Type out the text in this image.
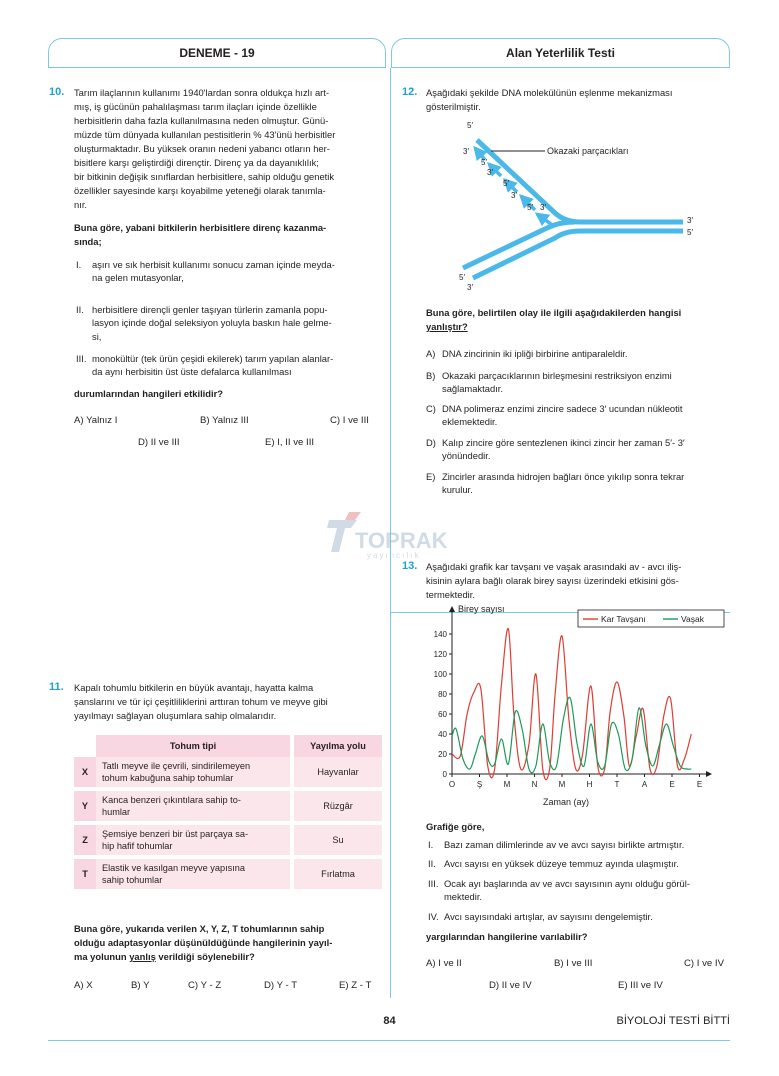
DENEME - 19	Alan Yeterlilik Testi
TOPRAK
yayıncılık
10. Tarım ilaçlarının kullanımı 1940'lardan sonra oldukça hızlı art-
mış, iş gücünün pahalılaşması tarım ilaçları içinde özellikle
herbisitlerin daha fazla kullanılmasına neden olmuştur. Günü-
müzde tüm dünyada kullanılan pestisitlerin % 43'ünü herbisitler
oluşturmaktadır. Bu yüksek oranın nedeni yabancı otların her-
bisitlere karşı geliştirdiği dirençtir. Direnç ya da dayanıklılık;
bir bitkinin değişik sınıflardan herbisitlere, sahip olduğu genetik
özellikler sayesinde karşı koyabilme yeteneği olarak tanımla-
nır.
Buna göre, yabani bitkilerin herbisitlere direnç kazanma-
sında;
I. aşırı ve sık herbisit kullanımı sonucu zaman içinde meyda-
na gelen mutasyonlar,
II. herbisitlere dirençli genler taşıyan türlerin zamanla popu-
lasyon içinde doğal seleksiyon yoluyla baskın hale gelme-
si,
III. monokültür (tek ürün çeşidi ekilerek) tarım yapılan alanlar-
da aynı herbisitin üst üste defalarca kullanılması
durumlarından hangileri etkilidir?
A) Yalnız I	B) Yalnız III	C) I ve III
D) II ve III	E) I, II ve III
11. Kapalı tohumlu bitkilerin en büyük avantajı, hayatta kalma
şanslarını ve tür içi çeşitliliklerini arttıran tohum ve meyve gibi
yayılmayı sağlayan oluşumlara sahip olmalarıdır.
	Tohum tipi	Yayılma yolu
X	Tatlı meyve ile çevrili, sindirilemeyen
tohum kabuğuna sahip tohumlar	Hayvanlar
Y	Kanca benzeri çıkıntılara sahip to-
humlar	Rüzgâr
Z	Şemsiye benzeri bir üst parçaya sa-
hip hafif tohumlar	Su
T	Elastik ve kasılgan meyve yapısına
sahip tohumlar	Fırlatma
Buna göre, yukarıda verilen X, Y, Z, T tohumlarının sahip
olduğu adaptasyonlar düşünüldüğünde hangilerinin yayıl-
ma yolunun yanlış verildiği söylenebilir?
A) X	B) Y	C) Y - Z	D) Y - T	E) Z - T
12. Aşağıdaki şekilde DNA molekülünün eşlenme mekanizması
gösterilmiştir.
Okazaki parçacıkları
5′
3′
5′
3′
5′
3′
5′ 3′
3′
5′
5′
3′
Buna göre, belirtilen olay ile ilgili aşağıdakilerden hangisi
yanlıştır?
A) DNA zincirinin iki ipliği birbirine antiparaleldir.
B) Okazaki parçacıklarının birleşmesini restriksiyon enzimi
sağlamaktadır.
C) DNA polimeraz enzimi zincire sadece 3′ ucundan nükleotit
eklemektedir.
D) Kalıp zincire göre sentezlenen ikinci zincir her zaman 5′- 3′
yönündedir.
E) Zincirler arasında hidrojen bağları önce yıkılıp sonra tekrar
kurulur.
13. Aşağıdaki grafik kar tavşanı ve vaşak arasındaki av - avcı iliş-
kisinin aylara bağlı olarak birey sayısı üzerindeki etkisini gös-
termektedir.
Birey sayısı
0
20
40
60
80
100
120
140
O	Ş	M	N	M	H	T	A	E	E
Zaman (ay)
Kar Tavşanı	Vaşak
Grafiğe göre,
I. Bazı zaman dilimlerinde av ve avcı sayısı birlikte artmıştır.
II. Avcı sayısı en yüksek düzeye temmuz ayında ulaşmıştır.
III. Ocak ayı başlarında av ve avcı sayısının aynı olduğu görül-
mektedir.
IV. Avcı sayısındaki artışlar, av sayısını dengelemiştir.
yargılarından hangilerine varılabilir?
A) I ve II	B) I ve III	C) I ve IV
D) II ve IV	E) III ve IV
84	BİYOLOJİ TESTİ BİTTİ
